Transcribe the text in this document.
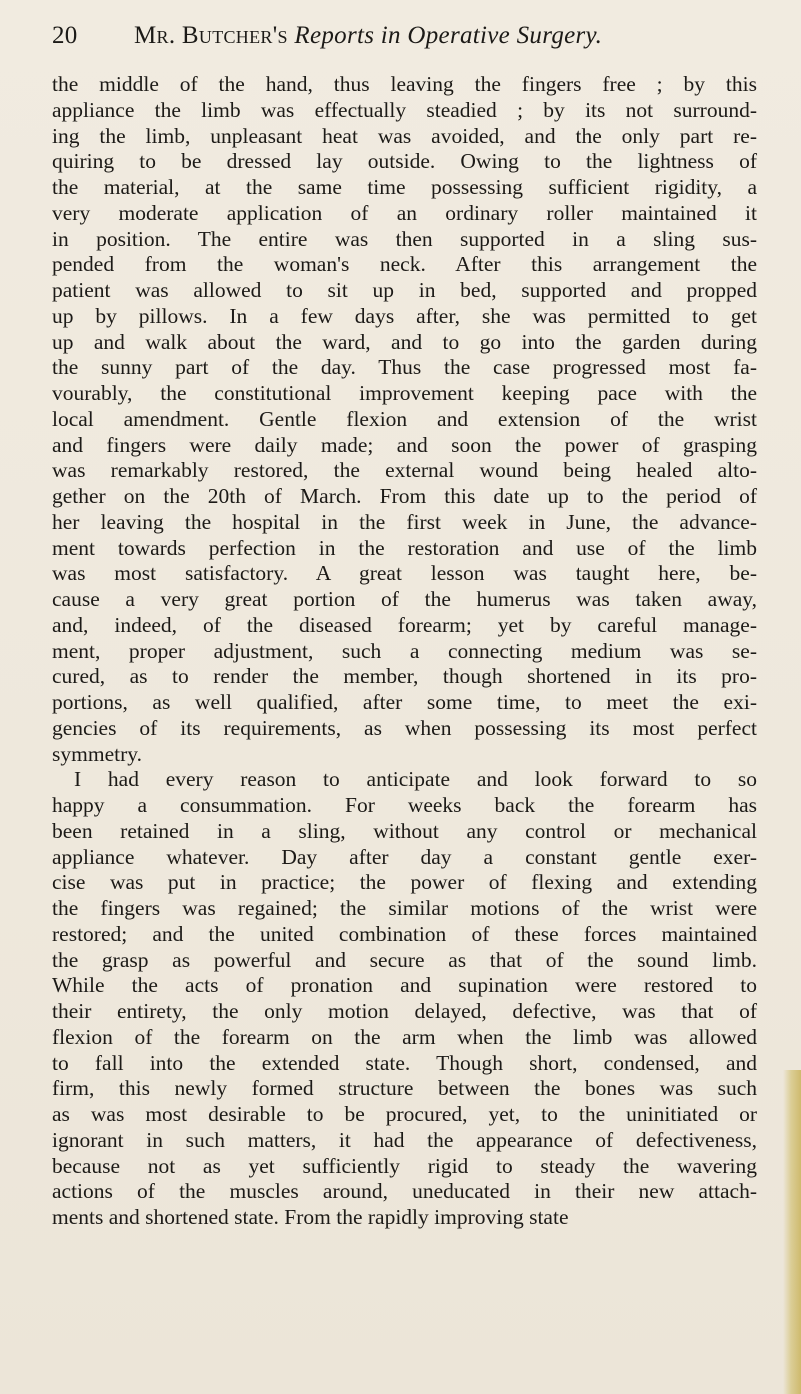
20 Mr. Butcher's Reports in Operative Surgery.
the middle of the hand, thus leaving the fingers free ; by this
appliance the limb was effectually steadied ; by its not surround-
ing the limb, unpleasant heat was avoided, and the only part re-
quiring to be dressed lay outside. Owing to the lightness of
the material, at the same time possessing sufficient rigidity, a
very moderate application of an ordinary roller maintained it
in position. The entire was then supported in a sling sus-
pended from the woman's neck. After this arrangement the
patient was allowed to sit up in bed, supported and propped
up by pillows. In a few days after, she was permitted to get
up and walk about the ward, and to go into the garden during
the sunny part of the day. Thus the case progressed most fa-
vourably, the constitutional improvement keeping pace with the
local amendment. Gentle flexion and extension of the wrist
and fingers were daily made; and soon the power of grasping
was remarkably restored, the external wound being healed alto-
gether on the 20th of March. From this date up to the period of
her leaving the hospital in the first week in June, the advance-
ment towards perfection in the restoration and use of the limb
was most satisfactory. A great lesson was taught here, be-
cause a very great portion of the humerus was taken away,
and, indeed, of the diseased forearm; yet by careful manage-
ment, proper adjustment, such a connecting medium was se-
cured, as to render the member, though shortened in its pro-
portions, as well qualified, after some time, to meet the exi-
gencies of its requirements, as when possessing its most perfect
symmetry.
I had every reason to anticipate and look forward to so
happy a consummation. For weeks back the forearm has
been retained in a sling, without any control or mechanical
appliance whatever. Day after day a constant gentle exer-
cise was put in practice; the power of flexing and extending
the fingers was regained; the similar motions of the wrist were
restored; and the united combination of these forces maintained
the grasp as powerful and secure as that of the sound limb.
While the acts of pronation and supination were restored to
their entirety, the only motion delayed, defective, was that of
flexion of the forearm on the arm when the limb was allowed
to fall into the extended state. Though short, condensed, and
firm, this newly formed structure between the bones was such
as was most desirable to be procured, yet, to the uninitiated or
ignorant in such matters, it had the appearance of defectiveness,
because not as yet sufficiently rigid to steady the wavering
actions of the muscles around, uneducated in their new attach-
ments and shortened state. From the rapidly improving state
